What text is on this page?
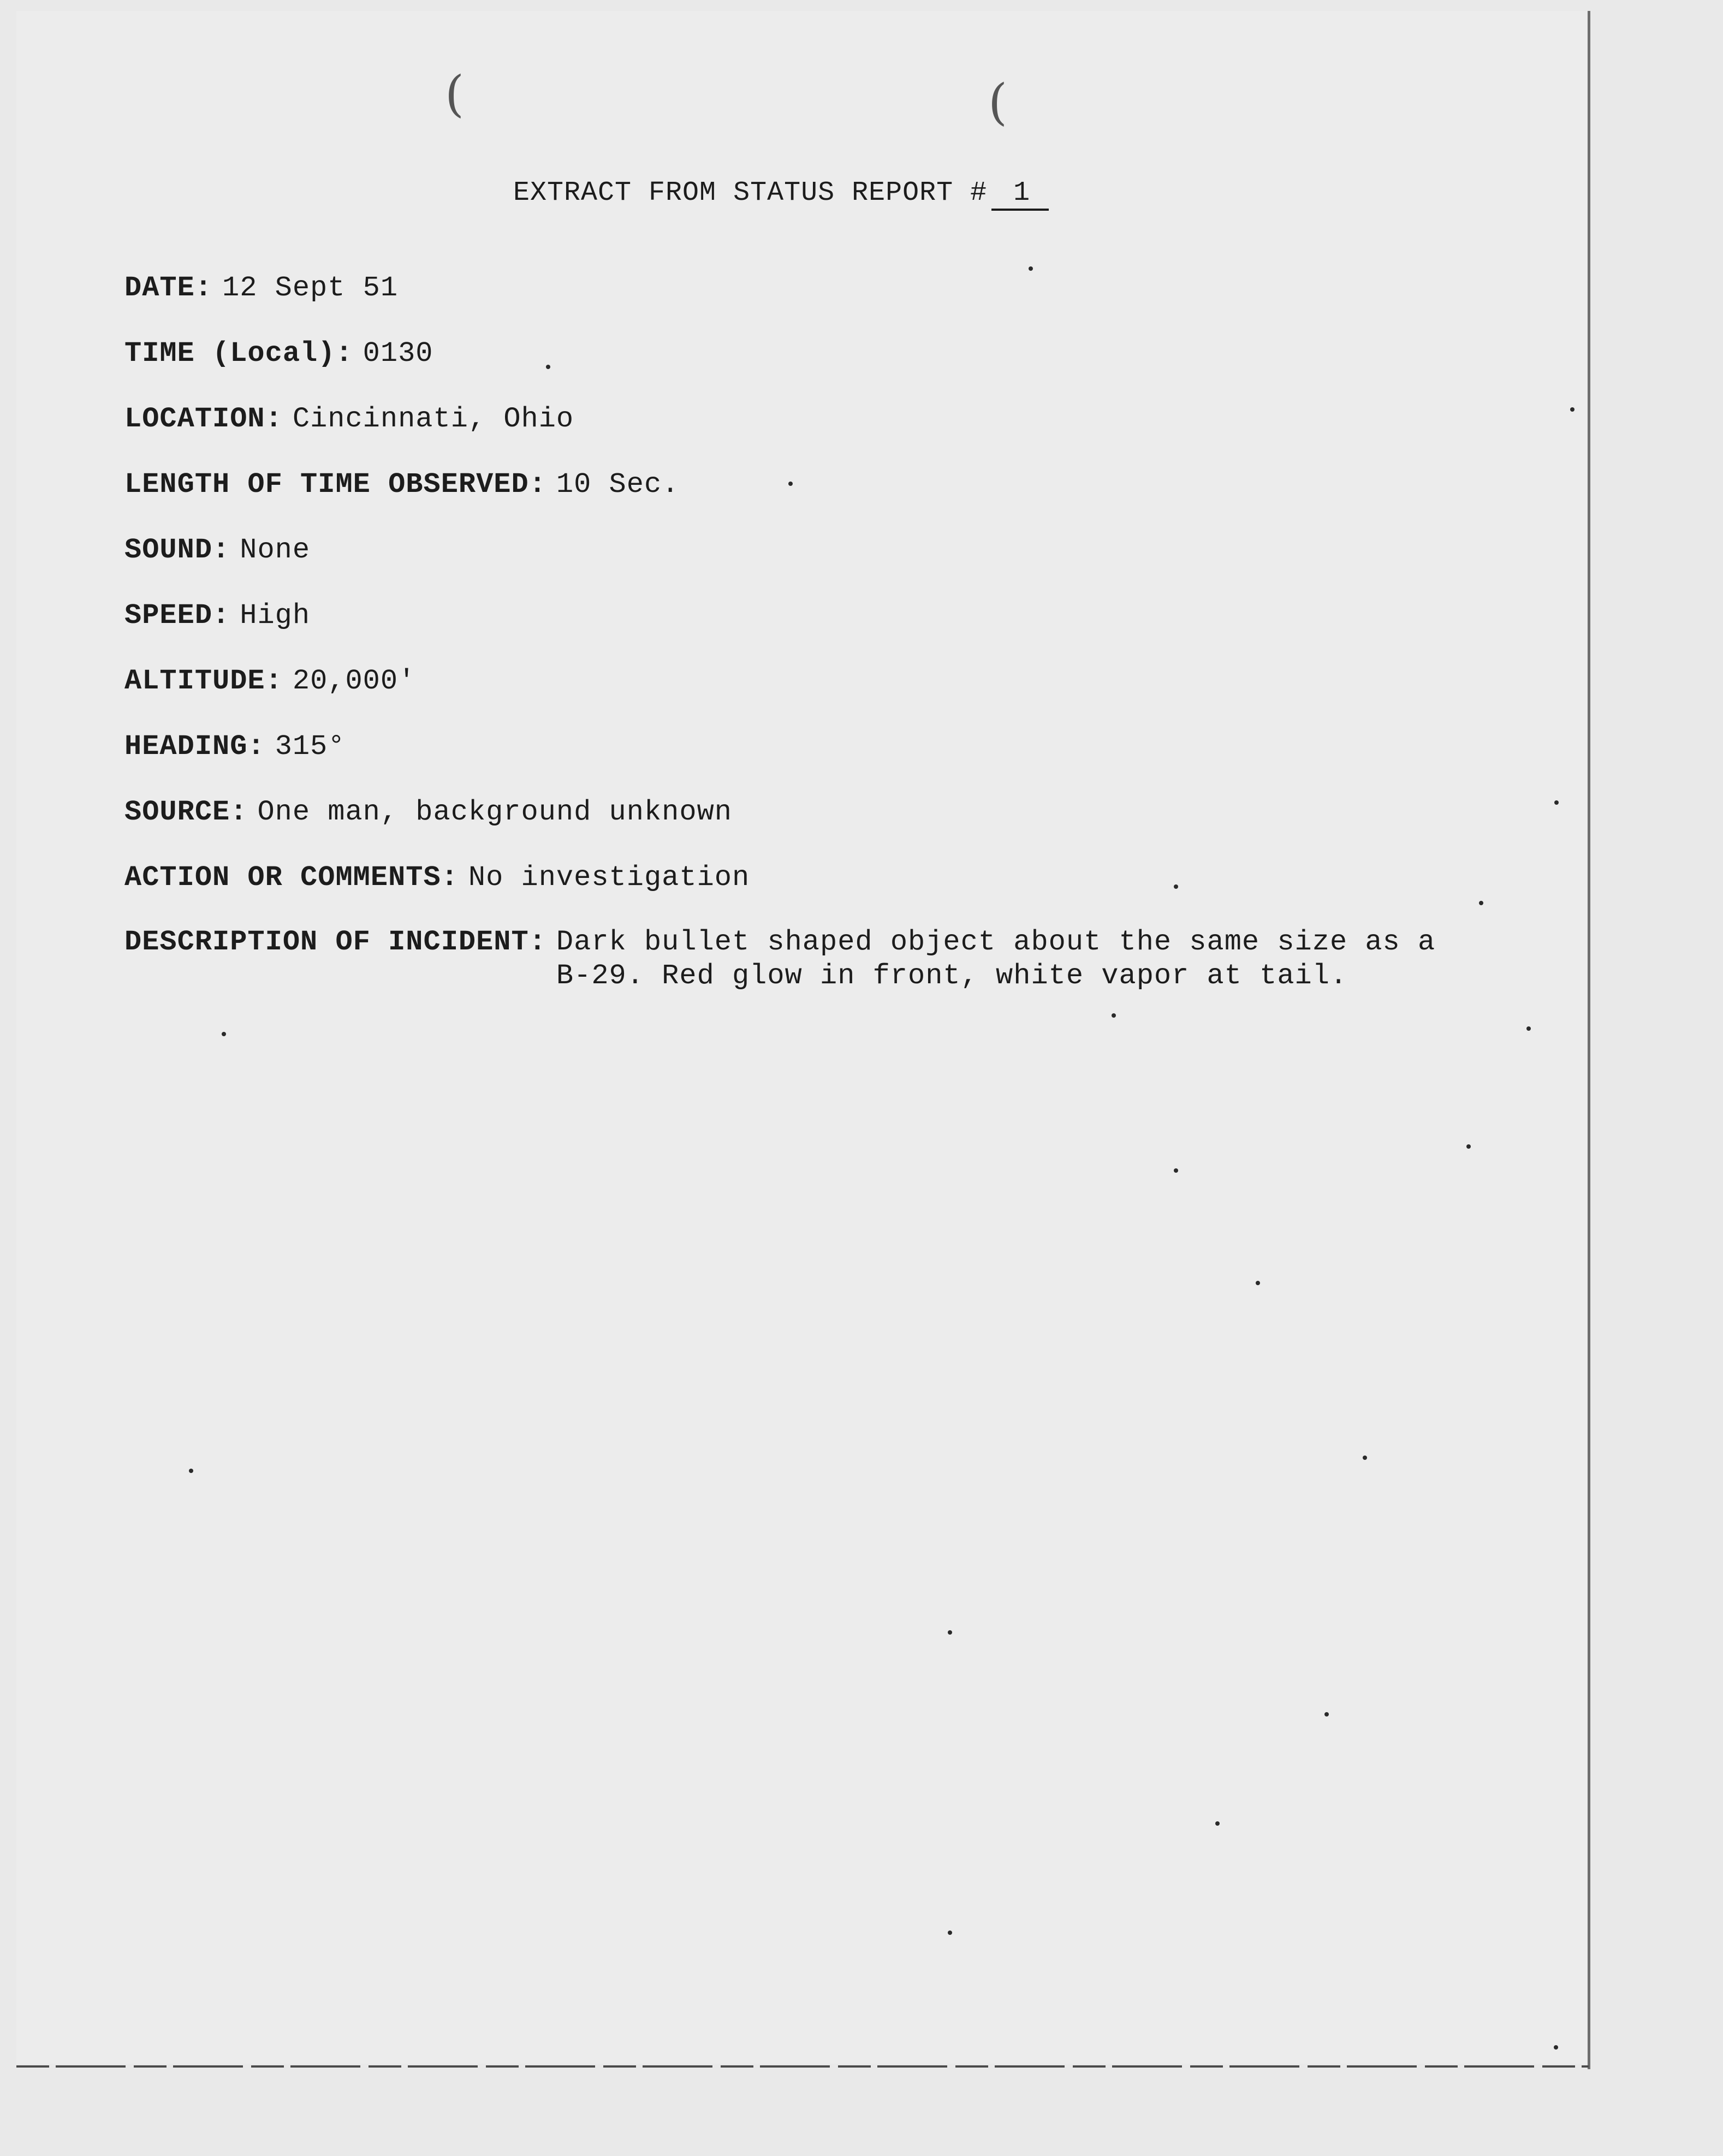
(	(
EXTRACT FROM STATUS REPORT # 1
DATE: 12 Sept 51
TIME (Local): 0130
LOCATION: Cincinnati, Ohio
LENGTH OF TIME OBSERVED: 10 Sec.
SOUND: None
SPEED: High
ALTITUDE: 20,000'
HEADING: 315°
SOURCE: One man, background unknown
ACTION OR COMMENTS: No investigation
DESCRIPTION OF INCIDENT: Dark bullet shaped object about the same size as a
B-29. Red glow in front, white vapor at tail.
